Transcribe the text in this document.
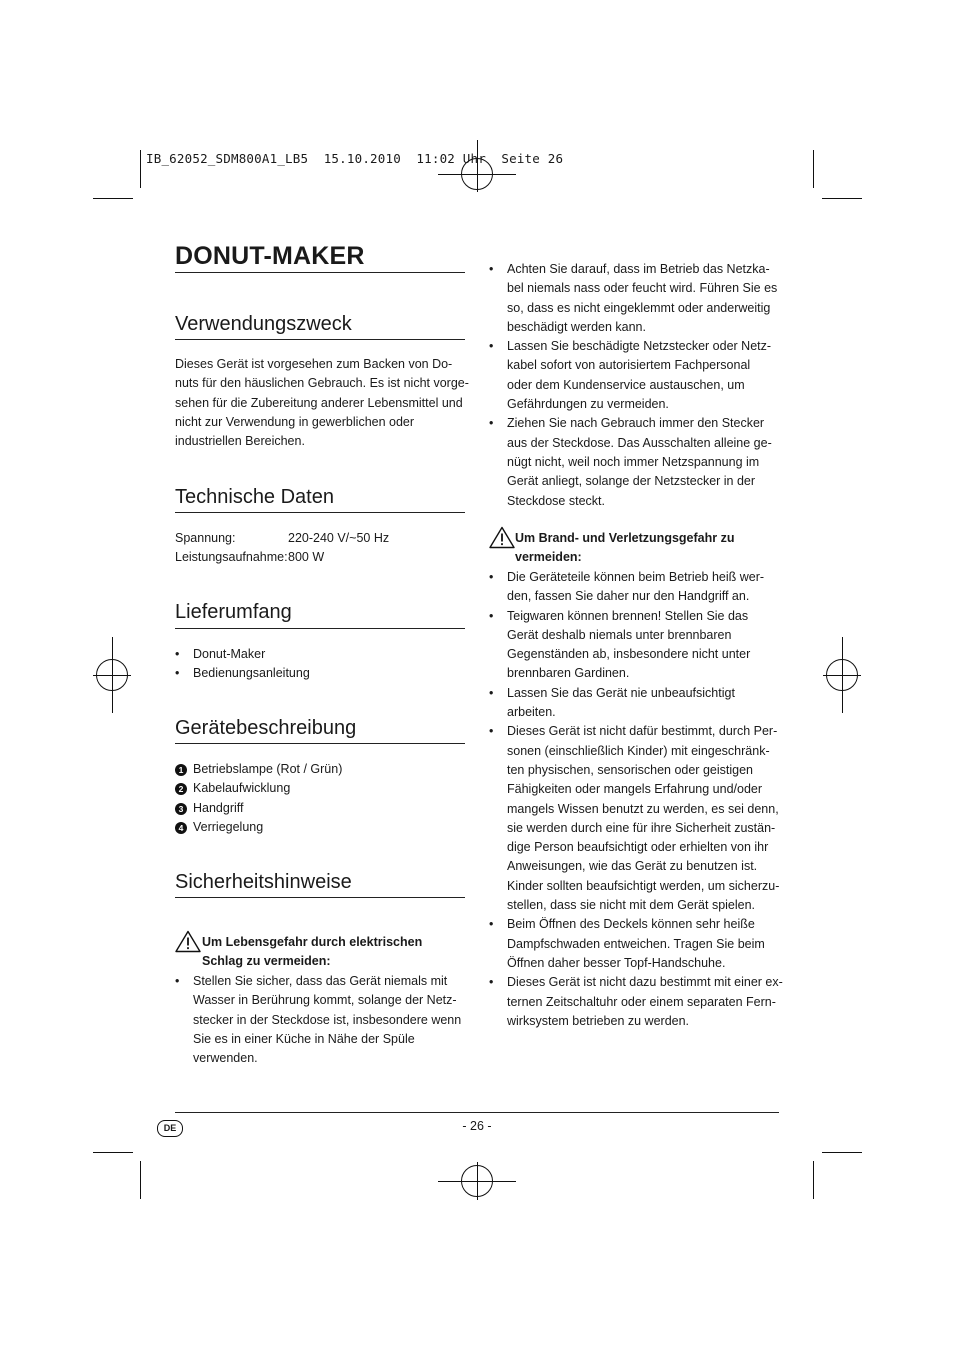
IB_62052_SDM800A1_LB5  15.10.2010  11:02 Uhr  Seite 26
DONUT-MAKER
Verwendungszweck
Dieses Gerät ist vorgesehen zum Backen von Do-
nuts für den häuslichen Gebrauch. Es ist nicht vorge-
sehen für die Zubereitung anderer Lebensmittel und
nicht zur Verwendung in gewerblichen oder
industriellen Bereichen.
Technische Daten
Spannung:	220-240 V/~50 Hz
Leistungsaufnahme:800 W
Lieferumfang
• Donut-Maker
• Bedienungsanleitung
Gerätebeschreibung
1 Betriebslampe (Rot / Grün)
2 Kabelaufwicklung
3 Handgriff
4 Verriegelung
Sicherheitshinweise
Um Lebensgefahr durch elektrischen
Schlag zu vermeiden:
• Stellen Sie sicher, dass das Gerät niemals mit
Wasser in Berührung kommt, solange der Netz-
stecker in der Steckdose ist, insbesondere wenn
Sie es in einer Küche in Nähe der Spüle
verwenden.
• Achten Sie darauf, dass im Betrieb das Netzka-
bel niemals nass oder feucht wird. Führen Sie es
so, dass es nicht eingeklemmt oder anderweitig
beschädigt werden kann.
• Lassen Sie beschädigte Netzstecker oder Netz-
kabel sofort von autorisiertem Fachpersonal
oder dem Kundenservice austauschen, um
Gefährdungen zu vermeiden.
• Ziehen Sie nach Gebrauch immer den Stecker
aus der Steckdose. Das Ausschalten alleine ge-
nügt nicht, weil noch immer Netzspannung im
Gerät anliegt, solange der Netzstecker in der
Steckdose steckt.
Um Brand- und Verletzungsgefahr zu
vermeiden:
• Die Geräteteile können beim Betrieb heiß wer-
den, fassen Sie daher nur den Handgriff an.
• Teigwaren können brennen! Stellen Sie das
Gerät deshalb niemals unter brennbaren
Gegenständen ab, insbesondere nicht unter
brennbaren Gardinen.
• Lassen Sie das Gerät nie unbeaufsichtigt
arbeiten.
• Dieses Gerät ist nicht dafür bestimmt, durch Per-
sonen (einschließlich Kinder) mit eingeschränk-
ten physischen, sensorischen oder geistigen
Fähigkeiten oder mangels Erfahrung und/oder
mangels Wissen benutzt zu werden, es sei denn,
sie werden durch eine für ihre Sicherheit zustän-
dige Person beaufsichtigt oder erhielten von ihr
Anweisungen, wie das Gerät zu benutzen ist.
Kinder sollten beaufsichtigt werden, um sicherzu-
stellen, dass sie nicht mit dem Gerät spielen.
• Beim Öffnen des Deckels können sehr heiße
Dampfschwaden entweichen. Tragen Sie beim
Öffnen daher besser Topf-Handschuhe.
• Dieses Gerät ist nicht dazu bestimmt mit einer ex-
ternen Zeitschaltuhr oder einem separaten Fern-
wirksystem betrieben zu werden.
DE	- 26 -
